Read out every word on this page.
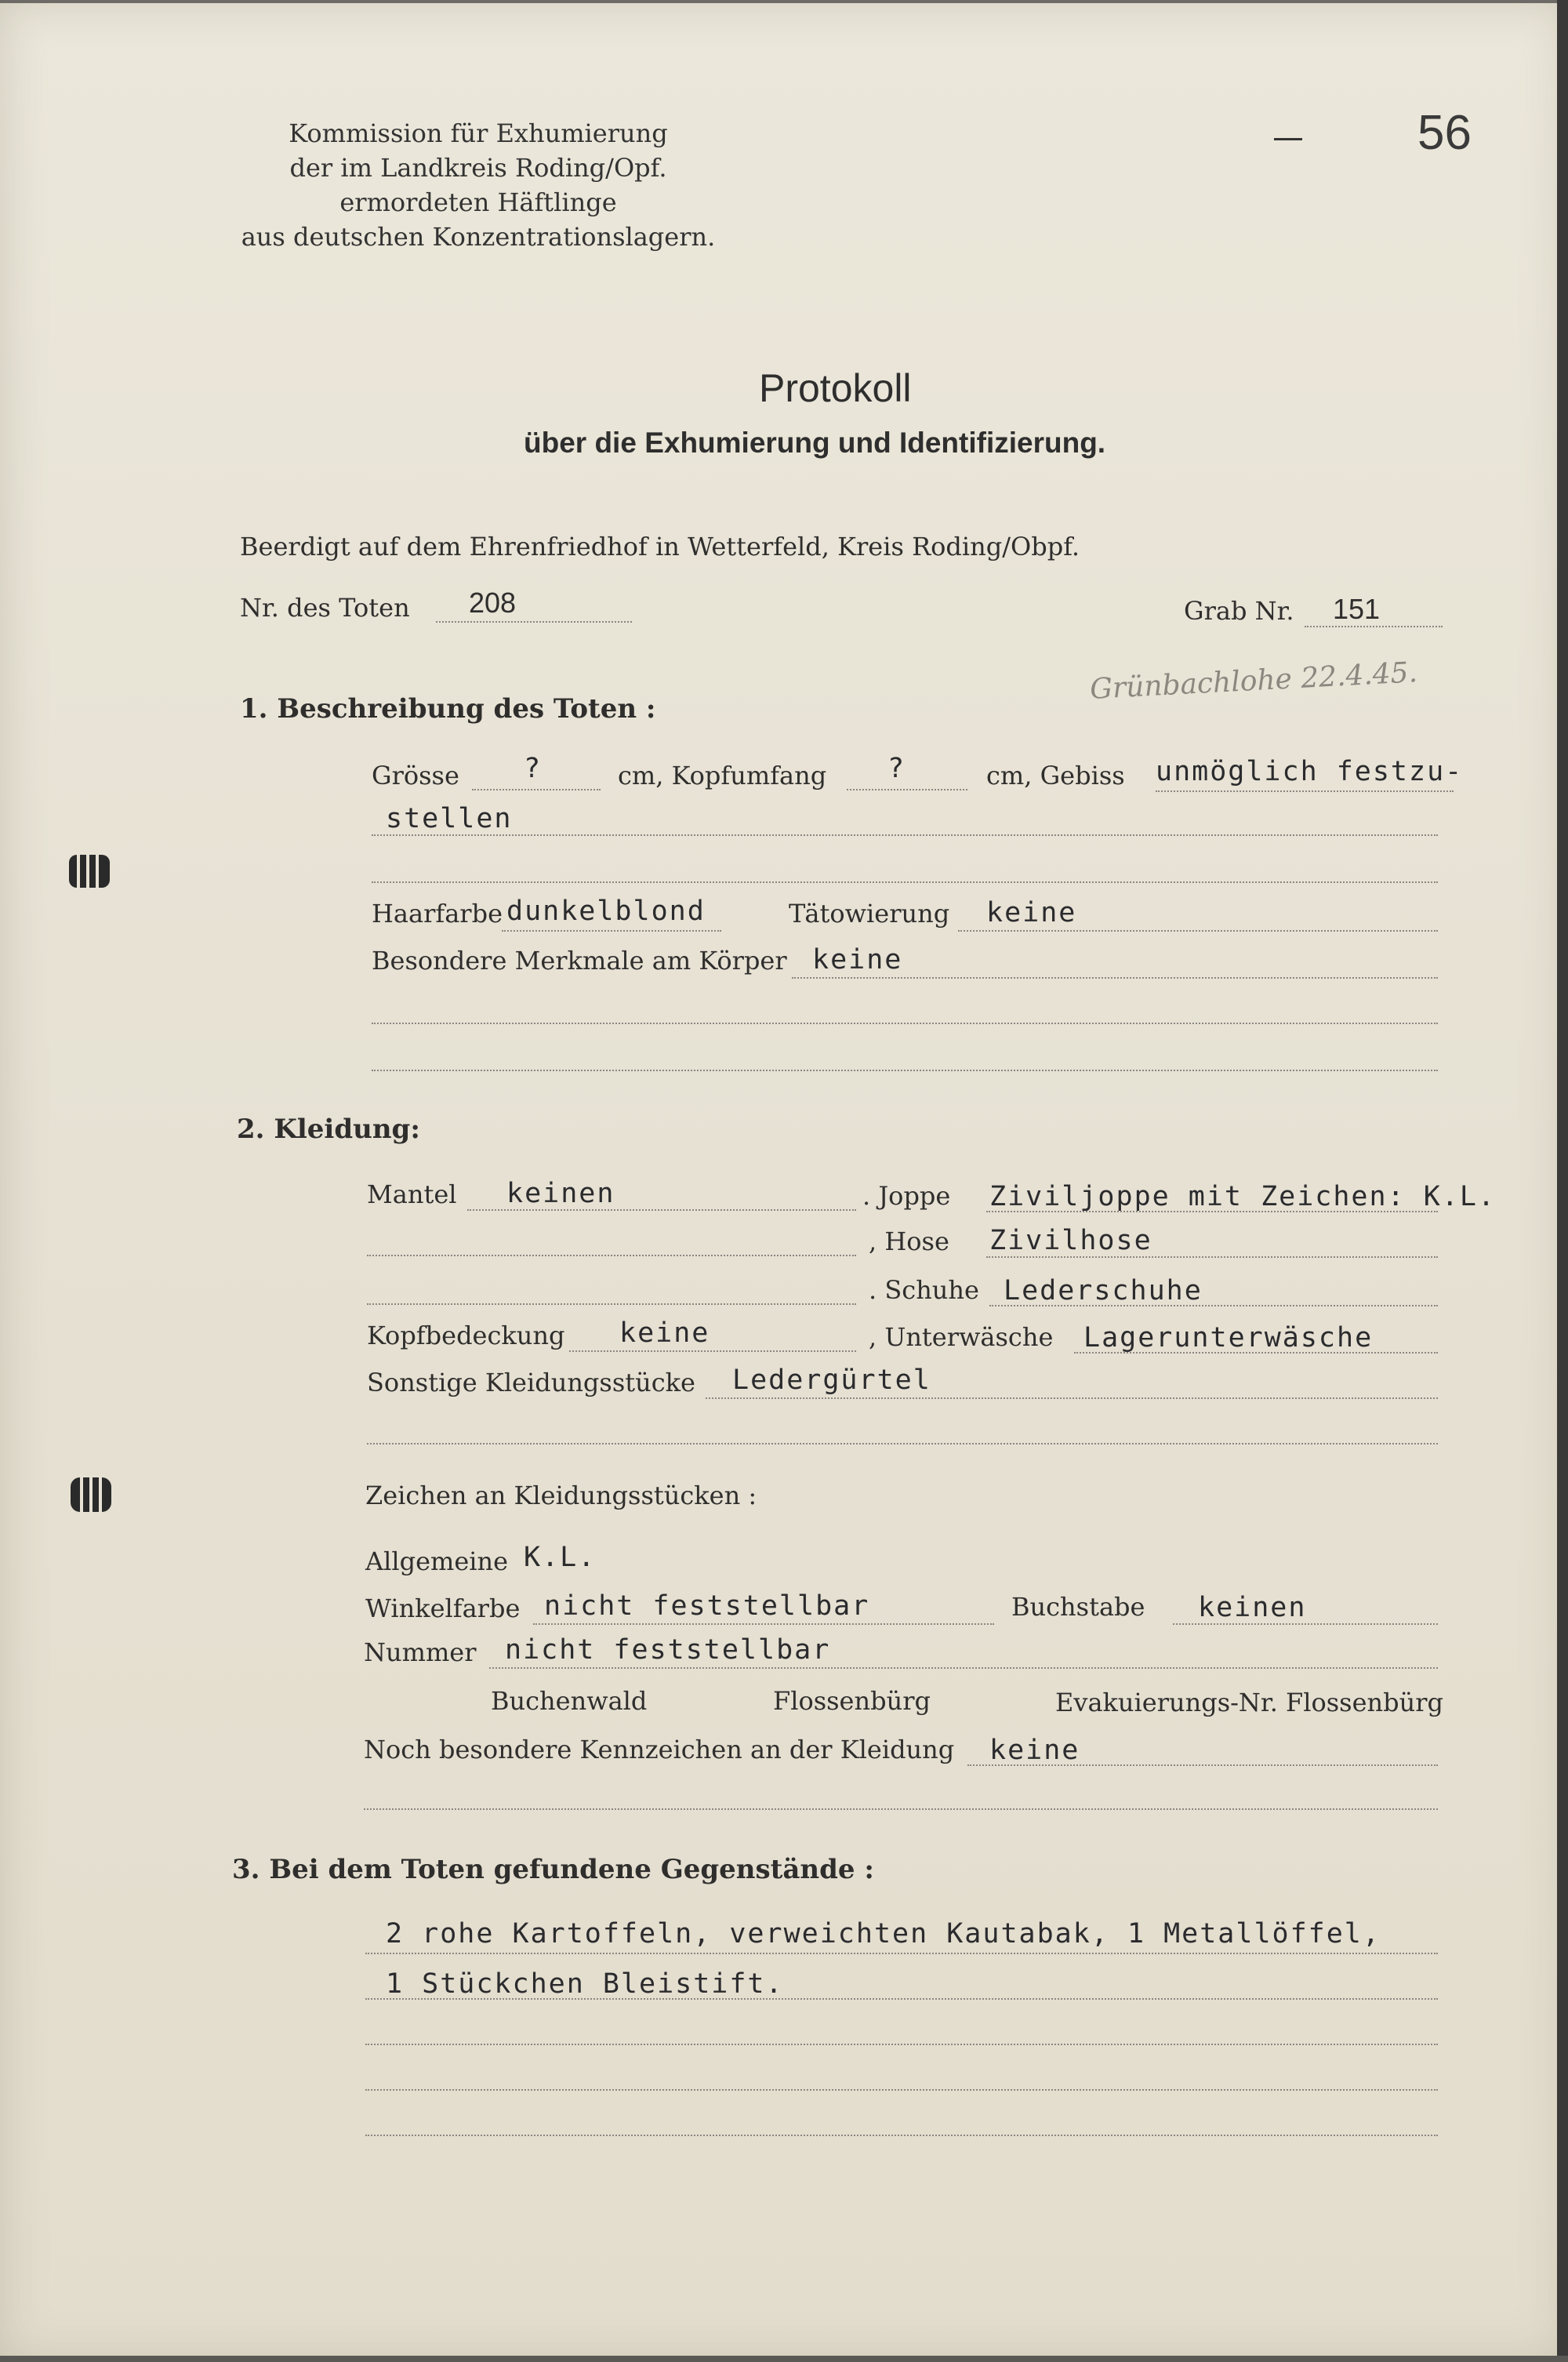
Kommission für Exhumierung
der im Landkreis Roding/Opf.
ermordeten Häftlinge
aus deutschen Konzentrationslagern.
56
Protokoll
über die Exhumierung und Identifizierung.
Beerdigt auf dem Ehrenfriedhof in Wetterfeld, Kreis Roding/Obpf.
Nr. des Toten 208	Grab Nr. 151
Grünbachlohe 22.4.45.
1. Beschreibung des Toten :
Grösse ?	cm, Kopfumfang ?	cm, Gebiss unmöglich festzu-
stellen
Haarfarbe dunkelblond	Tätowierung keine
Besondere Merkmale am Körper keine
2. Kleidung:
Mantel keinen	. Joppe Ziviljoppe mit Zeichen: K.L.
, Hose Zivilhose
. Schuhe Lederschuhe
Kopfbedeckung keine	, Unterwäsche Lagerunterwäsche
Sonstige Kleidungsstücke Ledergürtel
Zeichen an Kleidungsstücken :
Allgemeine K.L.
Winkelfarbe nicht feststellbar	Buchstabe keinen
Nummer nicht feststellbar
Buchenwald	Flossenbürg	Evakuierungs-Nr. Flossenbürg
Noch besondere Kennzeichen an der Kleidung keine
3. Bei dem Toten gefundene Gegenstände :
2 rohe Kartoffeln, verweichten Kautabak, 1 Metallöffel,
1 Stückchen Bleistift.
